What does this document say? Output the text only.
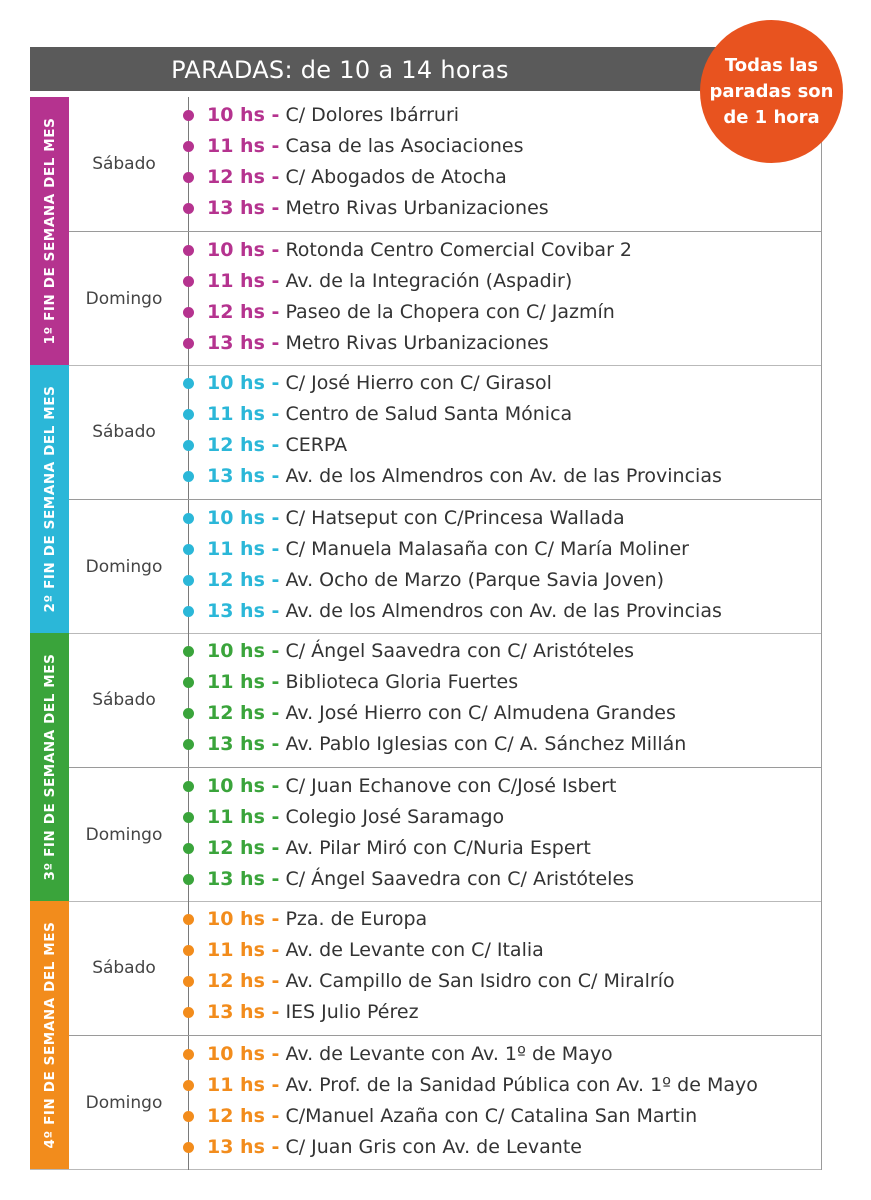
PARADAS: de 10 a 14 horas	Todas las
paradas son
de 1 hora
1º FIN DE SEMANA DEL MES	Sábado
10 hs - C/ Dolores Ibárruri
11 hs - Casa de las Asociaciones
12 hs - C/ Abogados de Atocha
13 hs - Metro Rivas Urbanizaciones
Domingo
10 hs - Rotonda Centro Comercial Covibar 2
11 hs - Av. de la Integración (Aspadir)
12 hs - Paseo de la Chopera con C/ Jazmín
13 hs - Metro Rivas Urbanizaciones
2º FIN DE SEMANA DEL MES	Sábado
10 hs - C/ José Hierro con C/ Girasol
11 hs - Centro de Salud Santa Mónica
12 hs - CERPA
13 hs - Av. de los Almendros con Av. de las Provincias
Domingo
10 hs - C/ Hatseput con C/Princesa Wallada
11 hs - C/ Manuela Malasaña con C/ María Moliner
12 hs - Av. Ocho de Marzo (Parque Savia Joven)
13 hs - Av. de los Almendros con Av. de las Provincias
3º FIN DE SEMANA DEL MES	Sábado
10 hs - C/ Ángel Saavedra con C/ Aristóteles
11 hs - Biblioteca Gloria Fuertes
12 hs - Av. José Hierro con C/ Almudena Grandes
13 hs - Av. Pablo Iglesias con C/ A. Sánchez Millán
Domingo
10 hs - C/ Juan Echanove con C/José Isbert
11 hs - Colegio José Saramago
12 hs - Av. Pilar Miró con C/Nuria Espert
13 hs - C/ Ángel Saavedra con C/ Aristóteles
4º FIN DE SEMANA DEL MES	Sábado
10 hs - Pza. de Europa
11 hs - Av. de Levante con C/ Italia
12 hs - Av. Campillo de San Isidro con C/ Miralrío
13 hs - IES Julio Pérez
Domingo
10 hs - Av. de Levante con Av. 1º de Mayo
11 hs - Av. Prof. de la Sanidad Pública con Av. 1º de Mayo
12 hs - C/Manuel Azaña con C/ Catalina San Martin
13 hs - C/ Juan Gris con Av. de Levante
